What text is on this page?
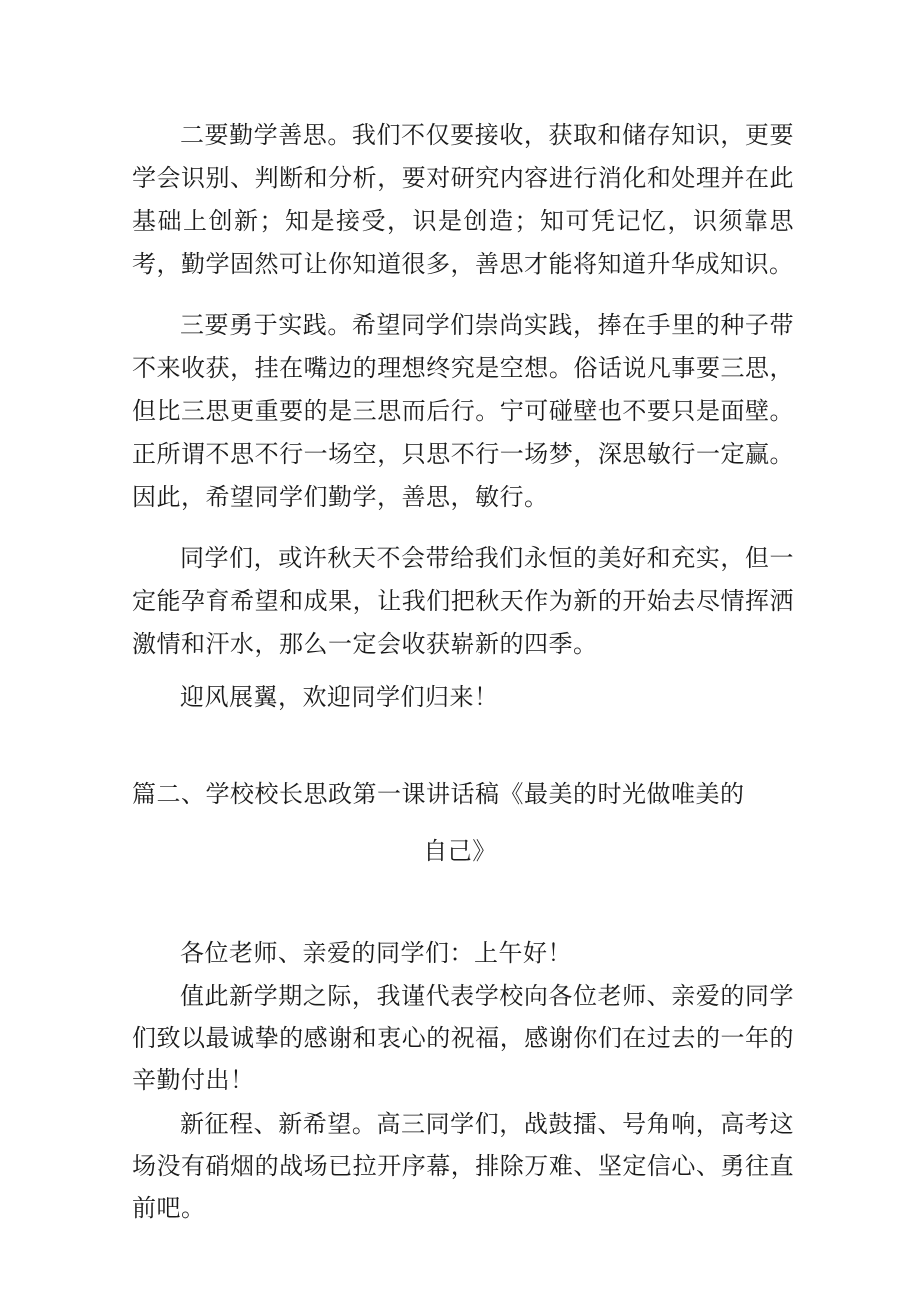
二要勤学善思。我们不仅要接收，获取和储存知识，更要学会识别、判断和分析，要对研究内容进行消化和处理并在此基础上创新；知是接受，识是创造；知可凭记忆，识须靠思考，勤学固然可让你知道很多，善思才能将知道升华成知识。

三要勇于实践。希望同学们崇尚实践，捧在手里的种子带不来收获，挂在嘴边的理想终究是空想。俗话说凡事要三思，但比三思更重要的是三思而后行。宁可碰壁也不要只是面壁。正所谓不思不行一场空，只思不行一场梦，深思敏行一定赢。因此，希望同学们勤学，善思，敏行。

同学们，或许秋天不会带给我们永恒的美好和充实，但一定能孕育希望和成果，让我们把秋天作为新的开始去尽情挥洒激情和汗水，那么一定会收获崭新的四季。

迎风展翼，欢迎同学们归来！

篇二、学校校长思政第一课讲话稿《最美的时光做唯美的

自己》

各位老师、亲爱的同学们：上午好！

值此新学期之际，我谨代表学校向各位老师、亲爱的同学们致以最诚挚的感谢和衷心的祝福，感谢你们在过去的一年的辛勤付出！

新征程、新希望。高三同学们，战鼓擂、号角响，高考这场没有硝烟的战场已拉开序幕，排除万难、坚定信心、勇往直前吧。
